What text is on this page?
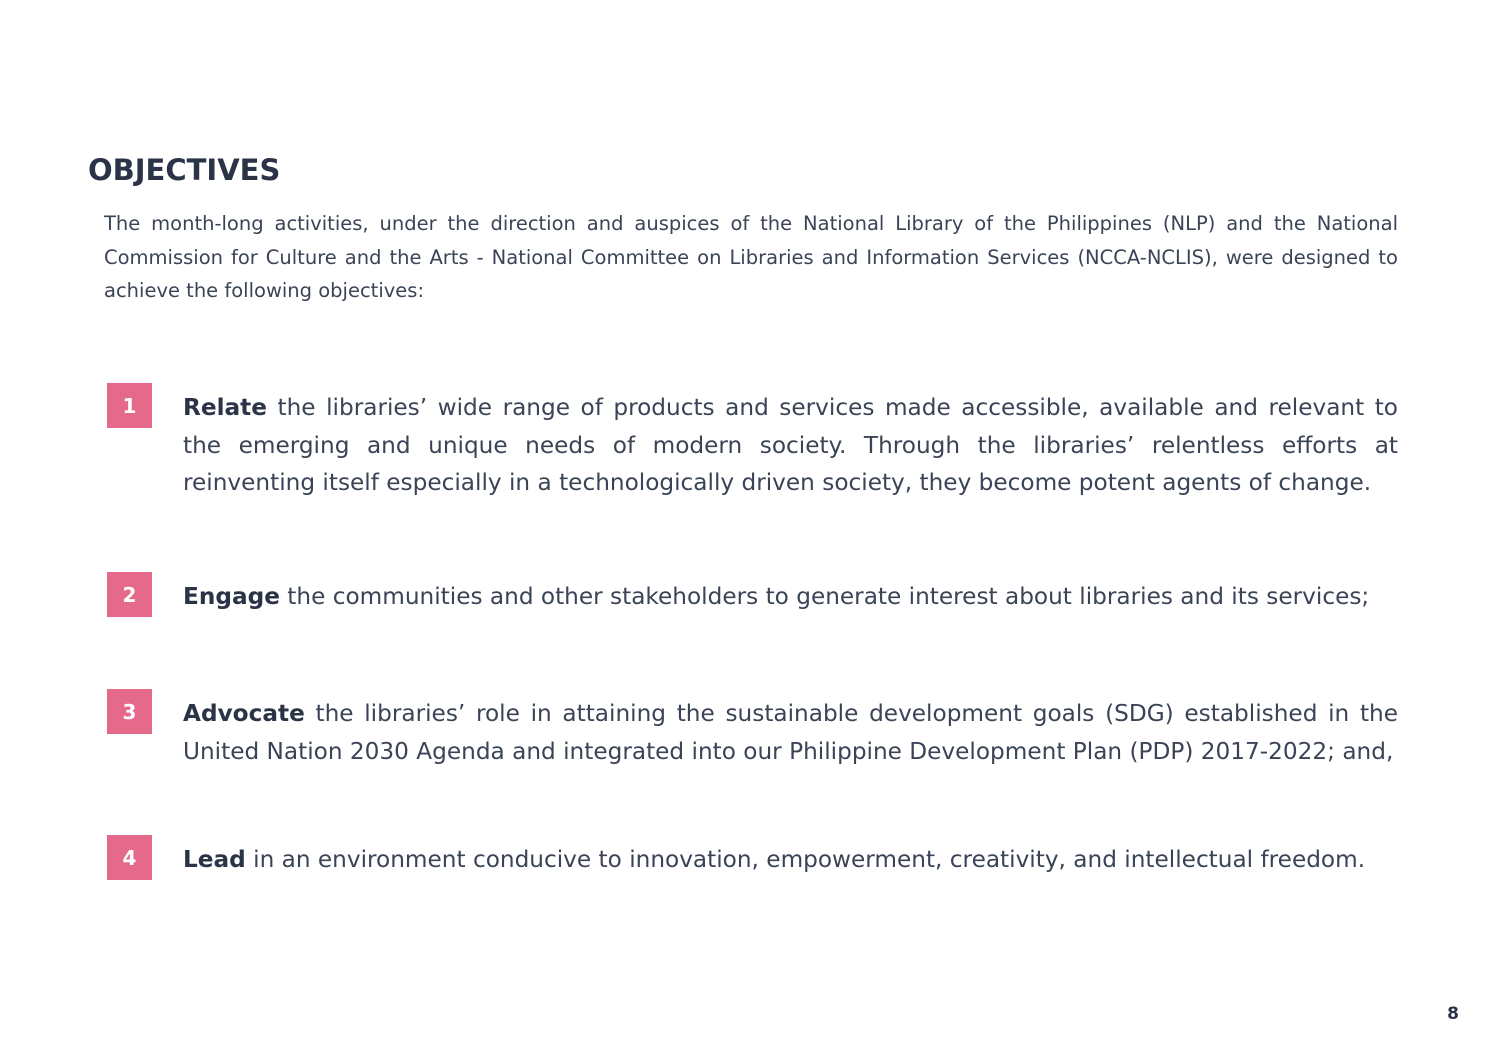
OBJECTIVES

The month-long activities, under the direction and auspices of the National Library of the Philippines (NLP) and the National Commission for Culture and the Arts - National Committee on Libraries and Information Services (NCCA-NCLIS), were designed to achieve the following objectives:

1	Relate the libraries’ wide range of products and services made accessible, available and relevant to the emerging and unique needs of modern society. Through the libraries’ relentless efforts at reinventing itself especially in a technologically driven society, they become potent agents of change.

2	Engage the communities and other stakeholders to generate interest about libraries and its services;

3	Advocate the libraries’ role in attaining the sustainable development goals (SDG) established in the United Nation 2030 Agenda and integrated into our Philippine Development Plan (PDP) 2017-2022; and,

4	Lead in an environment conducive to innovation, empowerment, creativity, and intellectual freedom.

8
